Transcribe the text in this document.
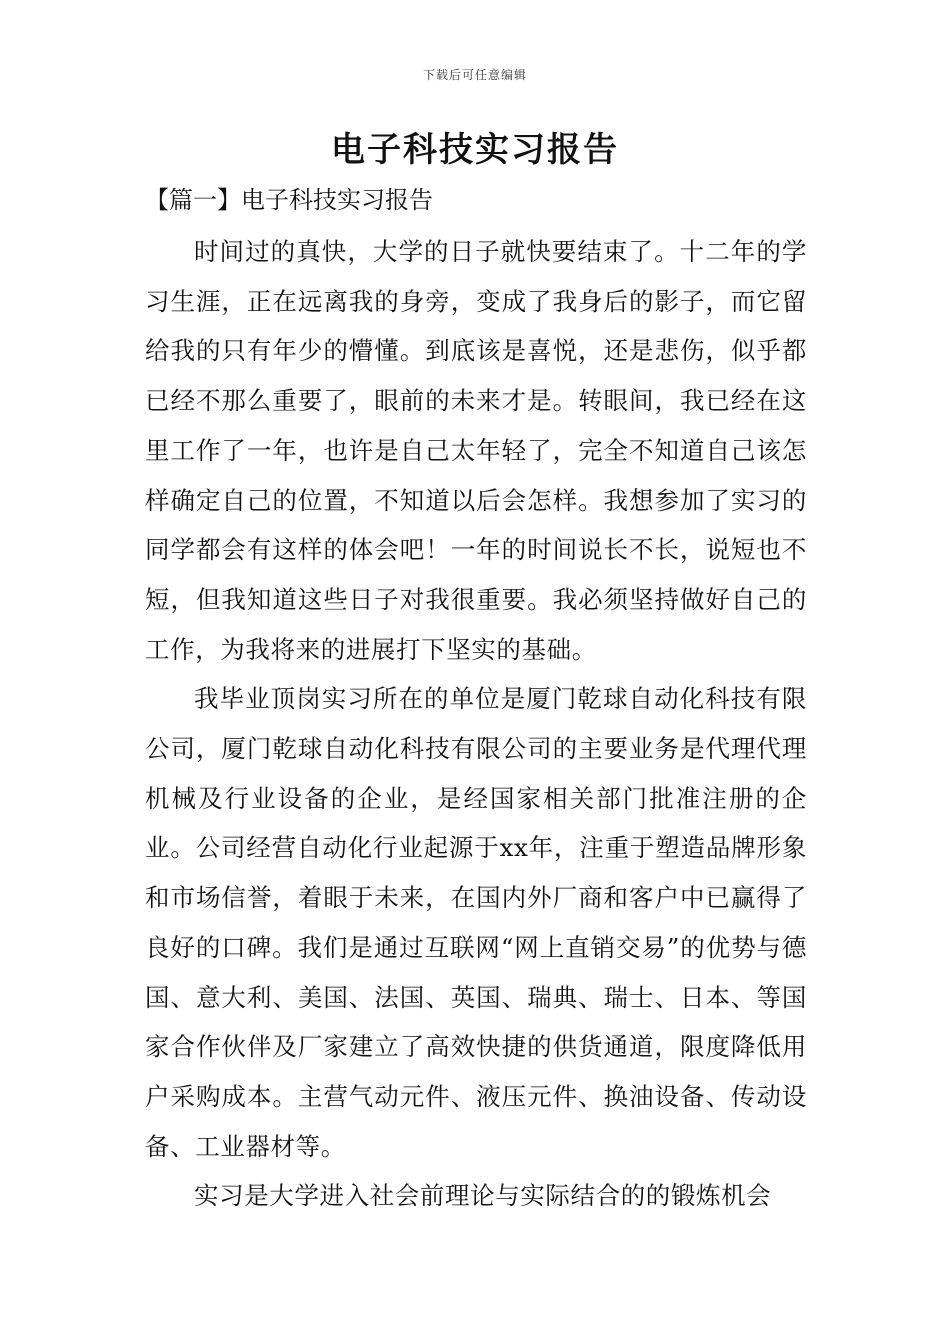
下载后可任意编辑
电子科技实习报告
【篇一】电子科技实习报告

时间过的真快，大学的日子就快要结束了。十二年的学习生涯，正在远离我的身旁，变成了我身后的影子，而它留给我的只有年少的懵懂。到底该是喜悦，还是悲伤，似乎都已经不那么重要了，眼前的未来才是。转眼间，我已经在这里工作了一年，也许是自己太年轻了，完全不知道自己该怎样确定自己的位置，不知道以后会怎样。我想参加了实习的同学都会有这样的体会吧！一年的时间说长不长，说短也不短，但我知道这些日子对我很重要。我必须坚持做好自己的工作，为我将来的进展打下坚实的基础。

我毕业顶岗实习所在的单位是厦门乾球自动化科技有限公司，厦门乾球自动化科技有限公司的主要业务是代理代理机械及行业设备的企业，是经国家相关部门批准注册的企业。公司经营自动化行业起源于xx年，注重于塑造品牌形象和市场信誉，着眼于未来，在国内外厂商和客户中已赢得了良好的口碑。我们是通过互联网“网上直销交易”的优势与德国、意大利、美国、法国、英国、瑞典、瑞士、日本、等国家合作伙伴及厂家建立了高效快捷的供货通道，限度降低用户采购成本。主营气动元件、液压元件、换油设备、传动设备、工业器材等。

实习是大学进入社会前理论与实际结合的的锻炼机会
